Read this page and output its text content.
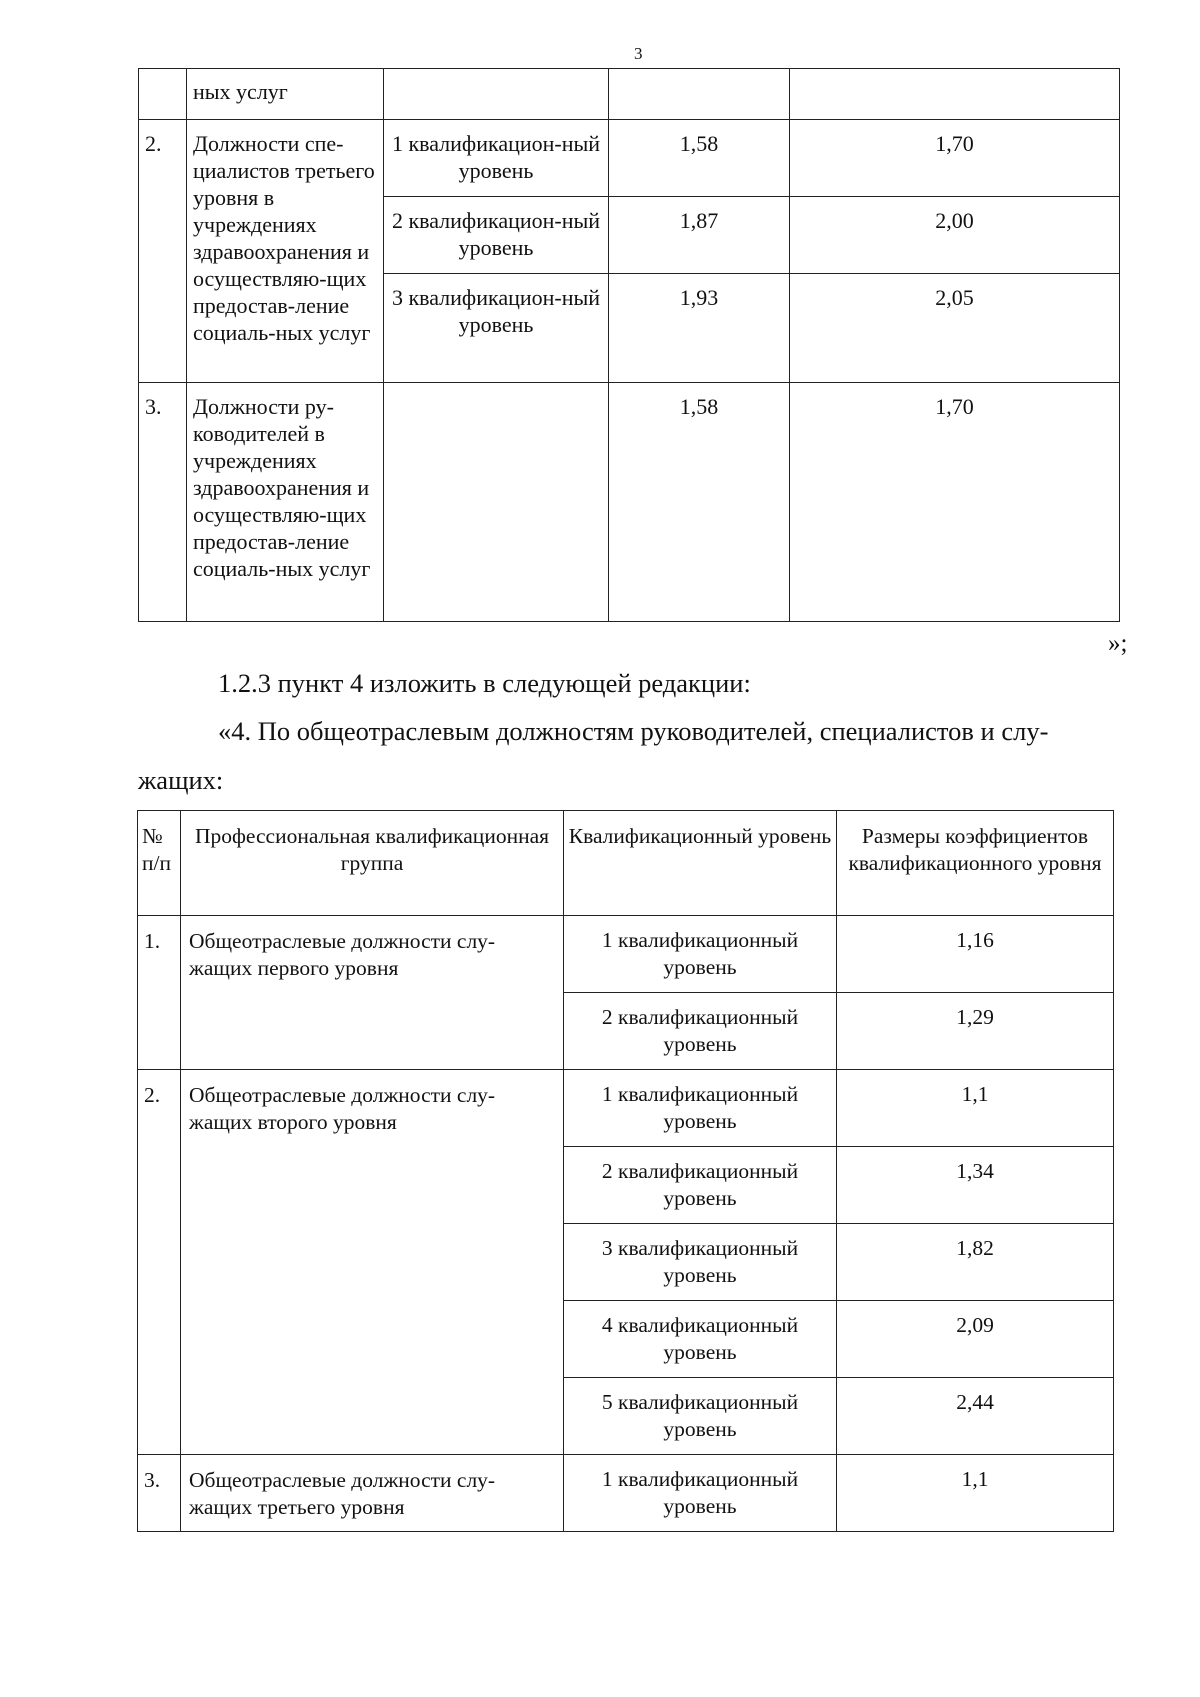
3
	ных услуг			
2.	Должности спе-циалистов третьего уровня в учреждениях здравоохранения и осуществляю-щих предостав-ление социаль-ных услуг	1 квалификацион-ный уровень	1,58	1,70
		2 квалификацион-ный уровень	1,87	2,00
		3 квалификацион-ный уровень	1,93	2,05
3.	Должности ру-ководителей в учреждениях здравоохранения и осуществляю-щих предостав-ление социаль-ных услуг		1,58	1,70
»;

1.2.3 пункт 4 изложить в следующей редакции:

«4. По общеотраслевым должностям руководителей, специалистов и слу-

жащих:

№ п/п	Профессиональная квалификационная группа	Квалификационный уровень	Размеры коэффициентов квалификационного уровня
1.	Общеотраслевые должности слу-жащих первого уровня	1 квалификационный уровень	1,16
		2 квалификационный уровень	1,29
2.	Общеотраслевые должности слу-жащих второго уровня	1 квалификационный уровень	1,1
		2 квалификационный уровень	1,34
		3 квалификационный уровень	1,82
		4 квалификационный уровень	2,09
		5 квалификационный уровень	2,44
3.	Общеотраслевые должности слу-жащих третьего уровня	1 квалификационный уровень	1,1
